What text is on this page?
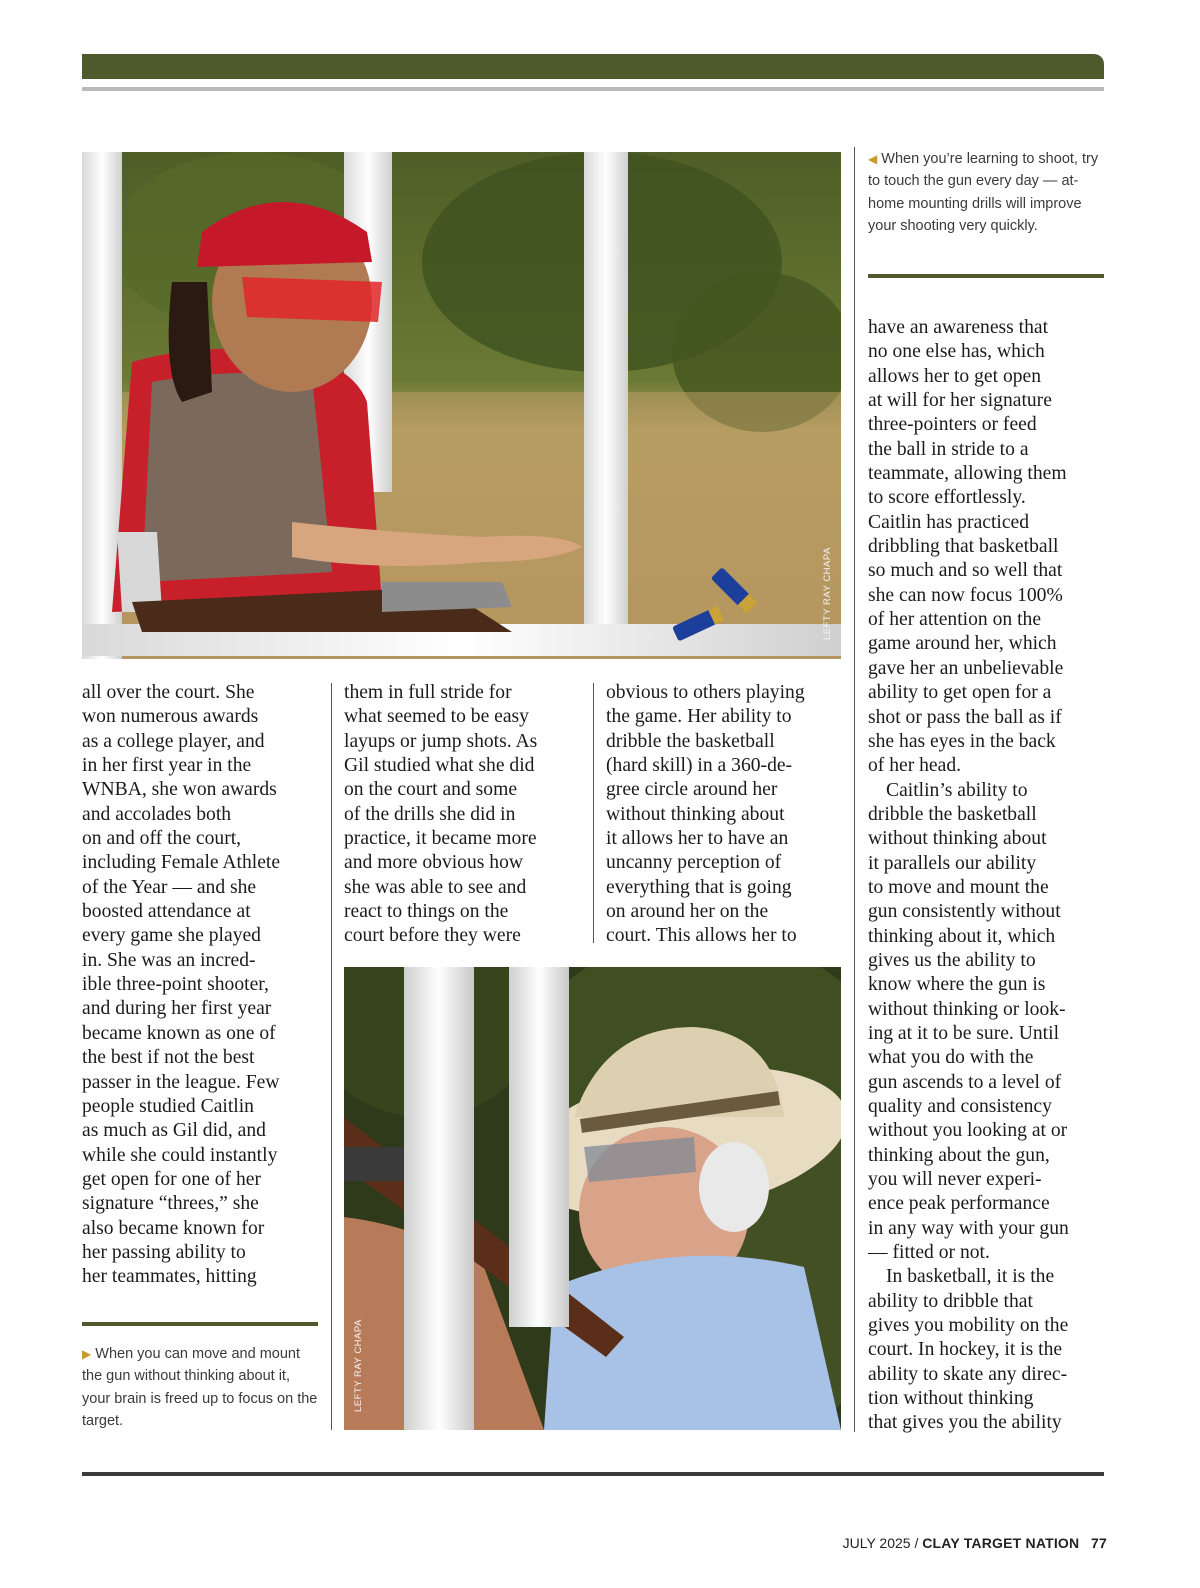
LEFTY RAY CHAPA
◀ When you’re learning to shoot, try to touch the gun every day — at-home mounting drills will improve your shooting very quickly.

all over the court. She

won numerous awards

as a college player, and

in her first year in the

WNBA, she won awards

and accolades both

on and off the court,

including Female Athlete

of the Year — and she

boosted attendance at

every game she played

in. She was an incred-

ible three-point shooter,

and during her first year

became known as one of

the best if not the best

passer in the league. Few

people studied Caitlin

as much as Gil did, and

while she could instantly

get open for one of her

signature “threes,” she

also became known for

her passing ability to

her teammates, hitting

them in full stride for

what seemed to be easy

layups or jump shots. As

Gil studied what she did

on the court and some

of the drills she did in

practice, it became more

and more obvious how

she was able to see and

react to things on the

court before they were

obvious to others playing

the game. Her ability to

dribble the basketball

(hard skill) in a 360-de-

gree circle around her

without thinking about

it allows her to have an

uncanny perception of

everything that is going

on around her on the

court. This allows her to

have an awareness that

no one else has, which

allows her to get open

at will for her signature

three-pointers or feed

the ball in stride to a

teammate, allowing them

to score effortlessly.

Caitlin has practiced

dribbling that basketball

so much and so well that

she can now focus 100%

of her attention on the

game around her, which

gave her an unbelievable

ability to get open for a

shot or pass the ball as if

she has eyes in the back

of her head.

Caitlin’s ability to

dribble the basketball

without thinking about

it parallels our ability

to move and mount the

gun consistently without

thinking about it, which

gives us the ability to

know where the gun is

without thinking or look-

ing at it to be sure. Until

what you do with the

gun ascends to a level of

quality and consistency

without you looking at or

thinking about the gun,

you will never experi-

ence peak performance

in any way with your gun

— fitted or not.

In basketball, it is the

ability to dribble that

gives you mobility on the

court. In hockey, it is the

ability to skate any direc-

tion without thinking

that gives you the ability

LEFTY RAY CHAPA
▶ When you can move and mount the gun without thinking about it, your brain is freed up to focus on the target.
JULY 2025 / CLAY TARGET NATION 77
